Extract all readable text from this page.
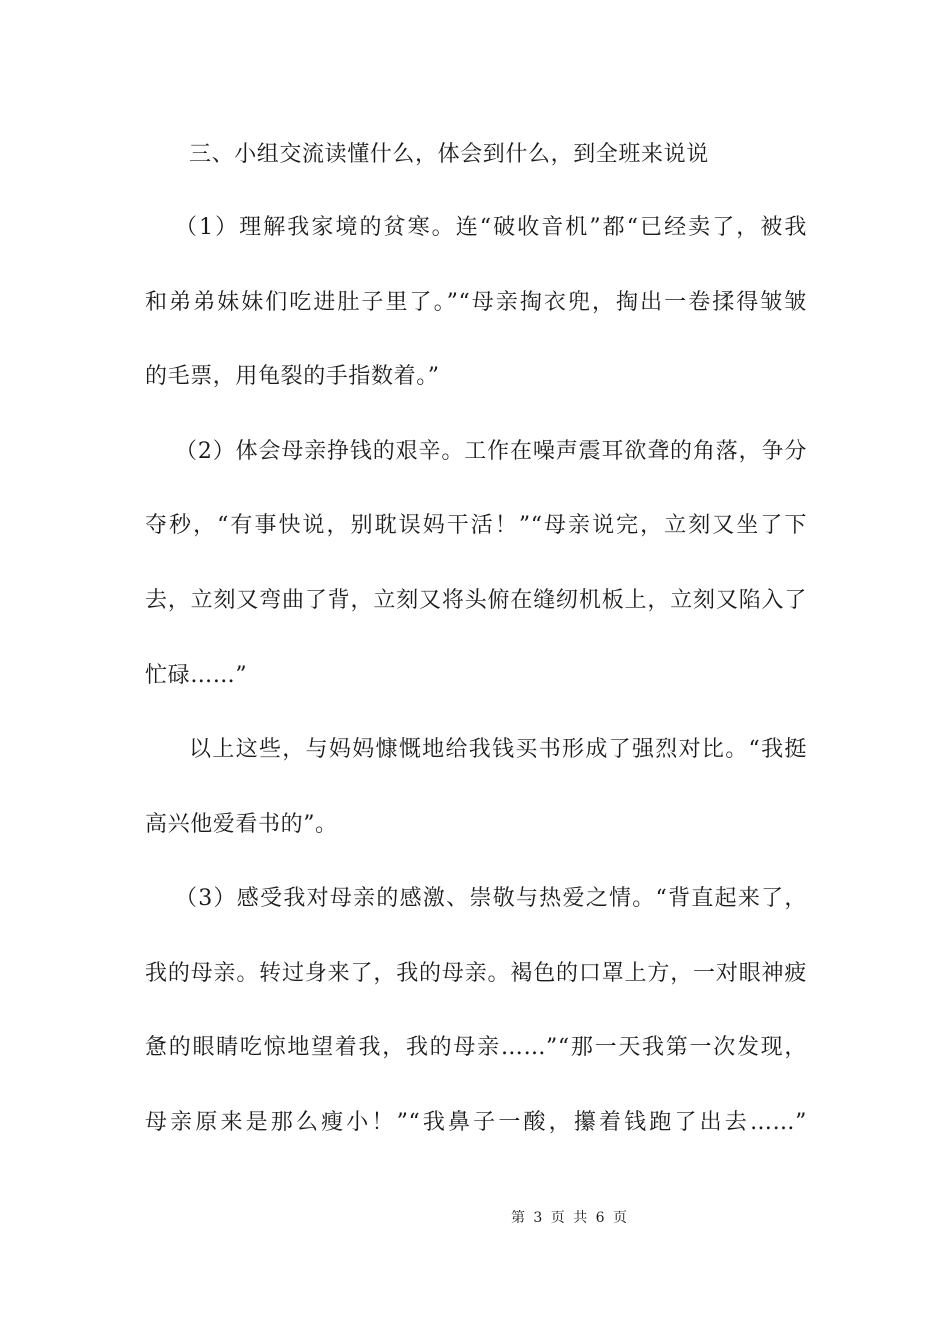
三、小组交流读懂什么，体会到什么，到全班来说说
（1）理解我家境的贫寒。连“破收音机”都“已经卖了，被我
和弟弟妹妹们吃进肚子里了。”“母亲掏衣兜，掏出一卷揉得皱皱
的毛票，用龟裂的手指数着。”
（2）体会母亲挣钱的艰辛。工作在噪声震耳欲聋的角落，争分
夺秒，“有事快说，别耽误妈干活！”“母亲说完，立刻又坐了下
去，立刻又弯曲了背，立刻又将头俯在缝纫机板上，立刻又陷入了
忙碌……”
以上这些，与妈妈慷慨地给我钱买书形成了强烈对比。“我挺
高兴他爱看书的”。
（3）感受我对母亲的感激、崇敬与热爱之情。“背直起来了，
我的母亲。转过身来了，我的母亲。褐色的口罩上方，一对眼神疲
惫的眼睛吃惊地望着我，我的母亲……”“那一天我第一次发现，
母亲原来是那么瘦小！”“我鼻子一酸，攥着钱跑了出去……”
第 3 页 共 6 页
